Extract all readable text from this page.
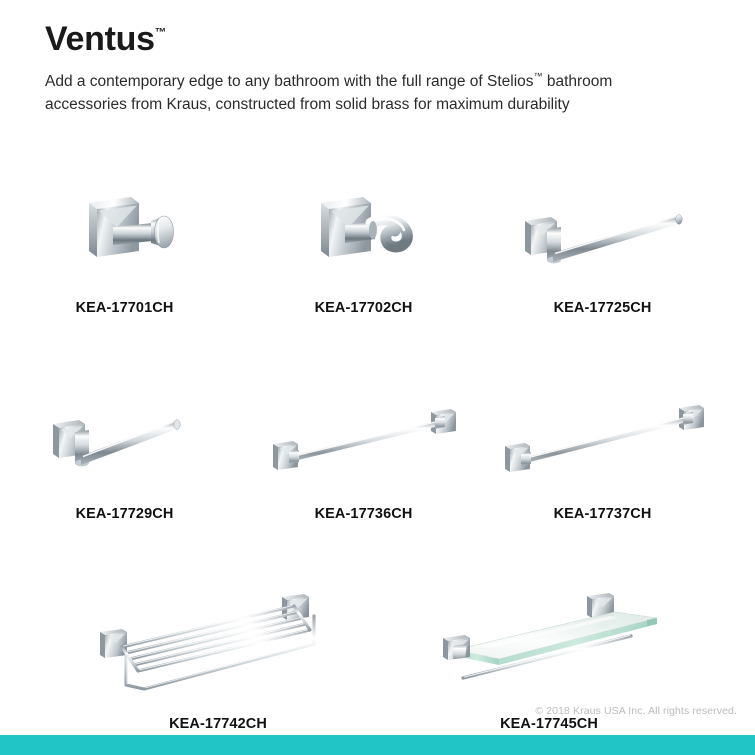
Ventus™

Add a contemporary edge to any bathroom with the full range of Stelios™ bathroom accessories from Kraus, constructed from solid brass for maximum durability

KEA-17701CH	KEA-17702CH	KEA-17725CH
KEA-17729CH	KEA-17736CH	KEA-17737CH
KEA-17742CH	KEA-17745CH
© 2018 Kraus USA Inc. All rights reserved.
